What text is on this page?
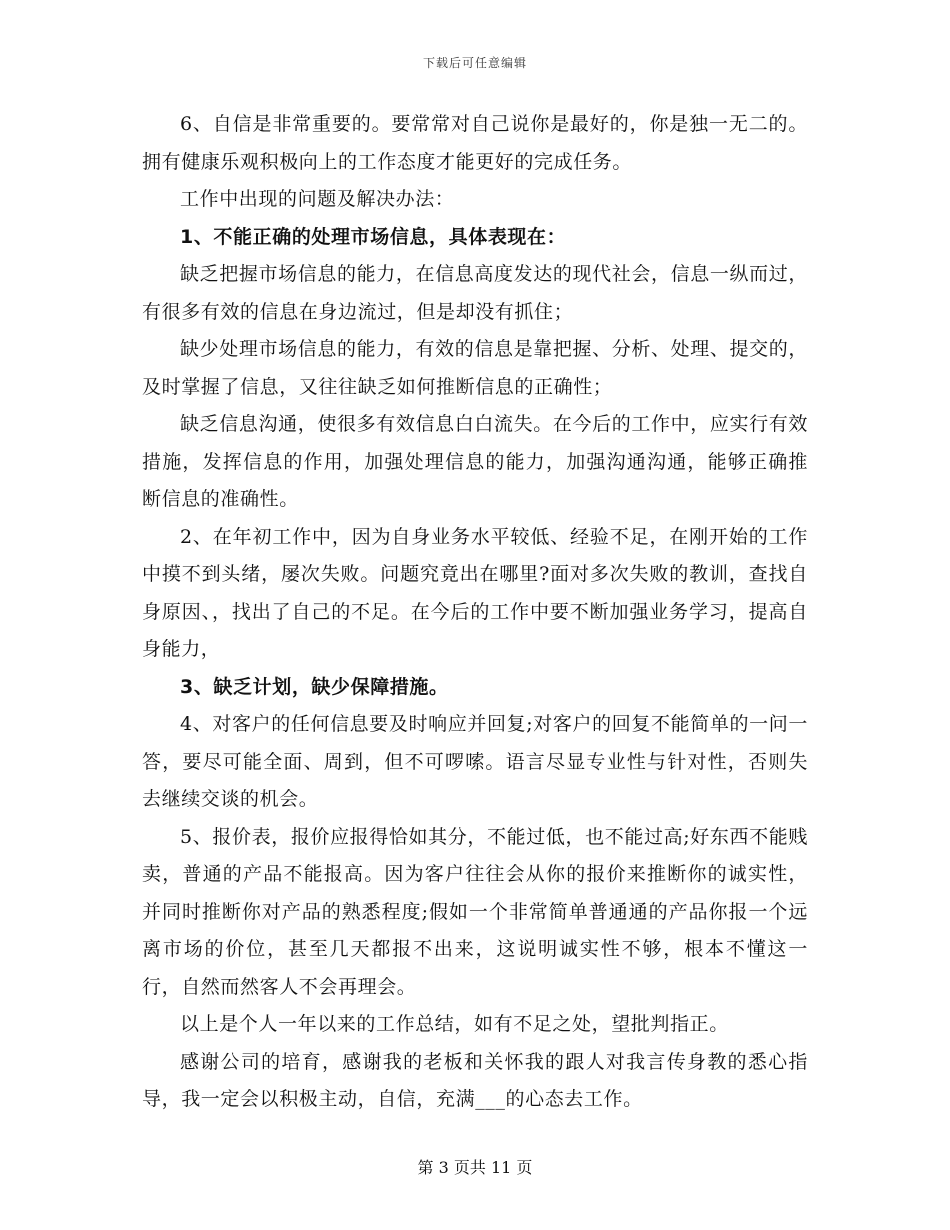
下载后可任意编辑

6、自信是非常重要的。要常常对自己说你是最好的，你是独一无二的。拥有健康乐观积极向上的工作态度才能更好的完成任务。

工作中出现的问题及解决办法：

1、不能正确的处理市场信息，具体表现在：

缺乏把握市场信息的能力，在信息高度发达的现代社会，信息一纵而过，有很多有效的信息在身边流过，但是却没有抓住；

缺少处理市场信息的能力，有效的信息是靠把握、分析、处理、提交的，及时掌握了信息，又往往缺乏如何推断信息的正确性；

缺乏信息沟通，使很多有效信息白白流失。在今后的工作中，应实行有效措施，发挥信息的作用，加强处理信息的能力，加强沟通沟通，能够正确推断信息的准确性。

2、在年初工作中，因为自身业务水平较低、经验不足，在刚开始的工作中摸不到头绪，屡次失败。问题究竟出在哪里?面对多次失败的教训，查找自身原因、，找出了自己的不足。在今后的工作中要不断加强业务学习，提高自身能力，

3、缺乏计划，缺少保障措施。

4、对客户的任何信息要及时响应并回复;对客户的回复不能简单的一问一答，要尽可能全面、周到，但不可啰嗦。语言尽显专业性与针对性，否则失去继续交谈的机会。

5、报价表，报价应报得恰如其分，不能过低，也不能过高;好东西不能贱卖，普通的产品不能报高。因为客户往往会从你的报价来推断你的诚实性，并同时推断你对产品的熟悉程度;假如一个非常简单普通通的产品你报一个远离市场的价位，甚至几天都报不出来，这说明诚实性不够，根本不懂这一行，自然而然客人不会再理会。

以上是个人一年以来的工作总结，如有不足之处，望批判指正。

感谢公司的培育，感谢我的老板和关怀我的跟人对我言传身教的悉心指导，我一定会以积极主动，自信，充满___的心态去工作。

第 3 页共 11 页
